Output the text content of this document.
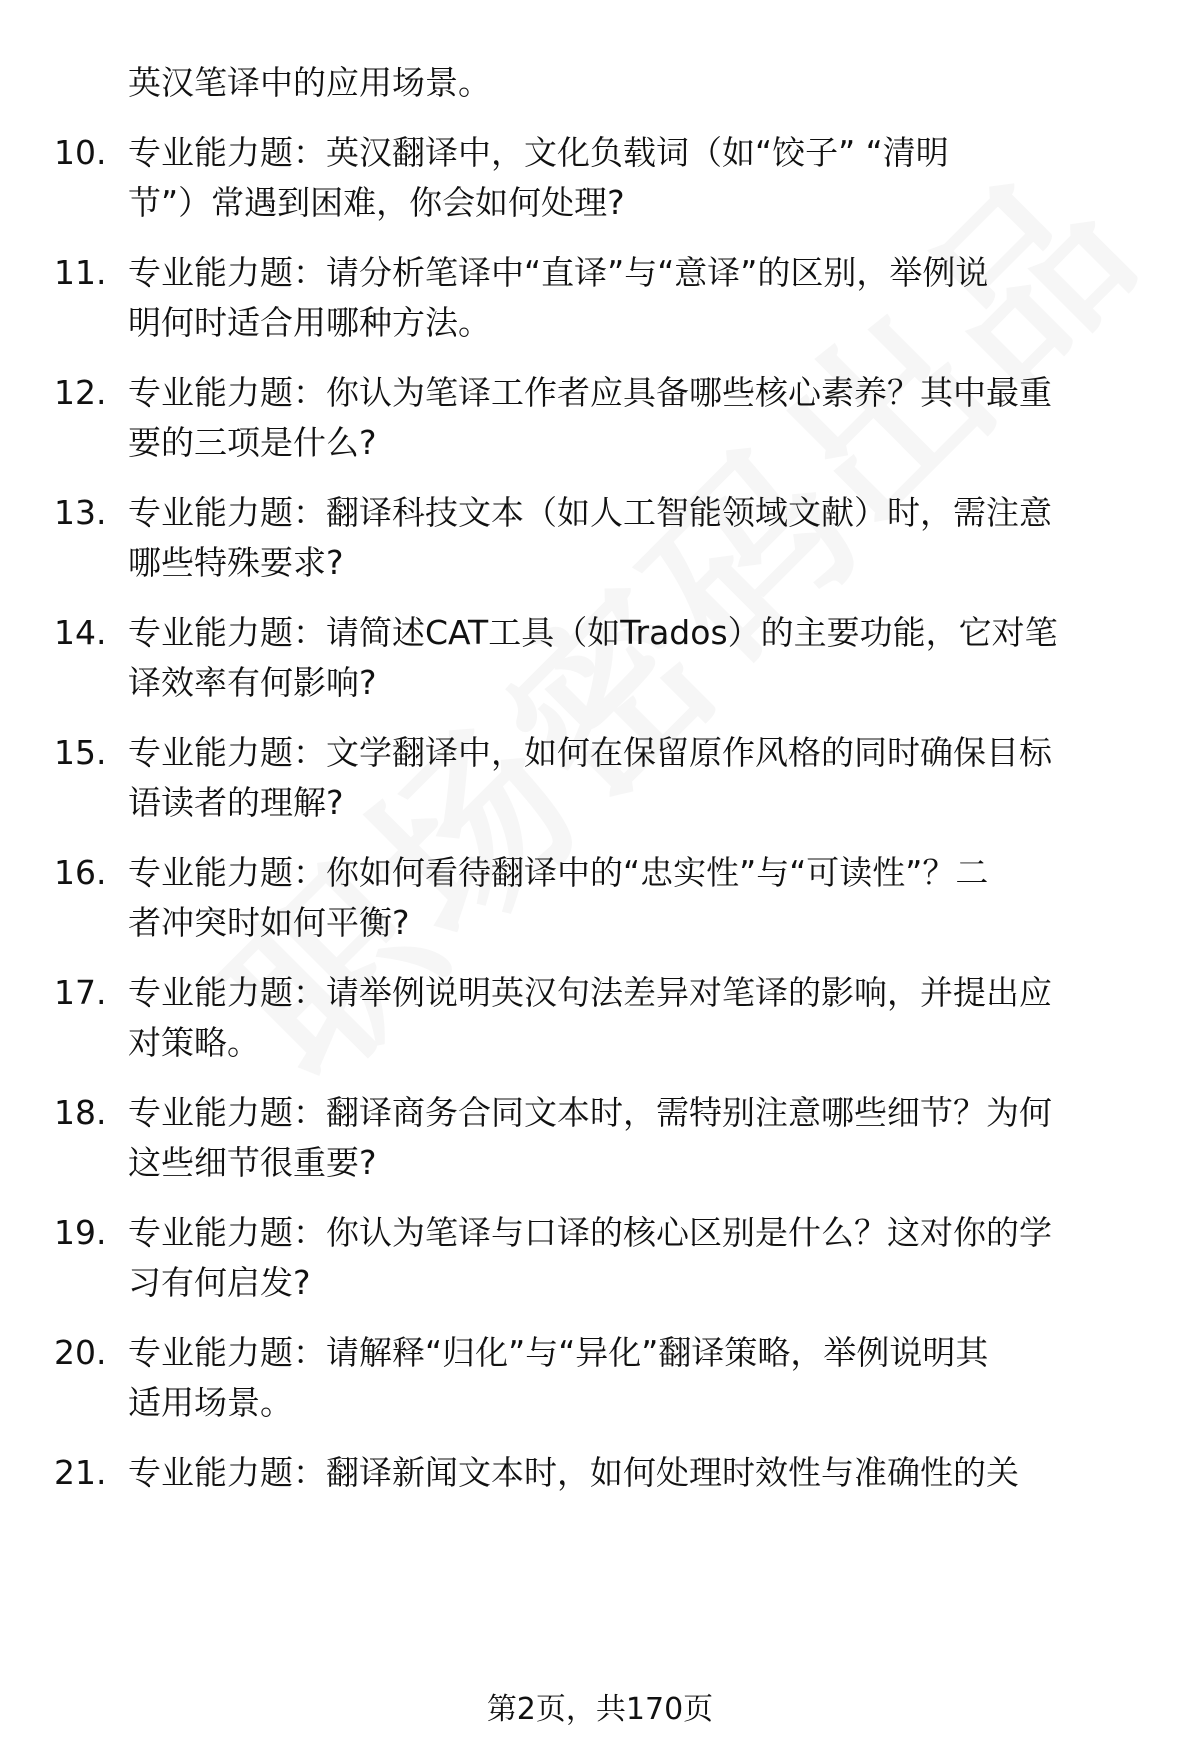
英汉笔译中的应用场景。
10. 专业能力题：英汉翻译中，文化负载词（如“饺子” “清明
节”）常遇到困难，你会如何处理?
11. 专业能力题：请分析笔译中“直译”与“意译”的区别，举例说
明何时适合用哪种方法。
12. 专业能力题：你认为笔译工作者应具备哪些核心素养？其中最重
要的三项是什么?
13. 专业能力题：翻译科技文本（如人工智能领域文献）时，需注意
哪些特殊要求?
14. 专业能力题：请简述CAT工具（如Trados）的主要功能，它对笔
译效率有何影响?
15. 专业能力题：文学翻译中，如何在保留原作风格的同时确保目标
语读者的理解?
16. 专业能力题：你如何看待翻译中的“忠实性”与“可读性”？二
者冲突时如何平衡?
17. 专业能力题：请举例说明英汉句法差异对笔译的影响，并提出应
对策略。
18. 专业能力题：翻译商务合同文本时，需特别注意哪些细节？为何
这些细节很重要?
19. 专业能力题：你认为笔译与口译的核心区别是什么？这对你的学
习有何启发?
20. 专业能力题：请解释“归化”与“异化”翻译策略，举例说明其
适用场景。
21. 专业能力题：翻译新闻文本时，如何处理时效性与准确性的关
第2页，共170页
